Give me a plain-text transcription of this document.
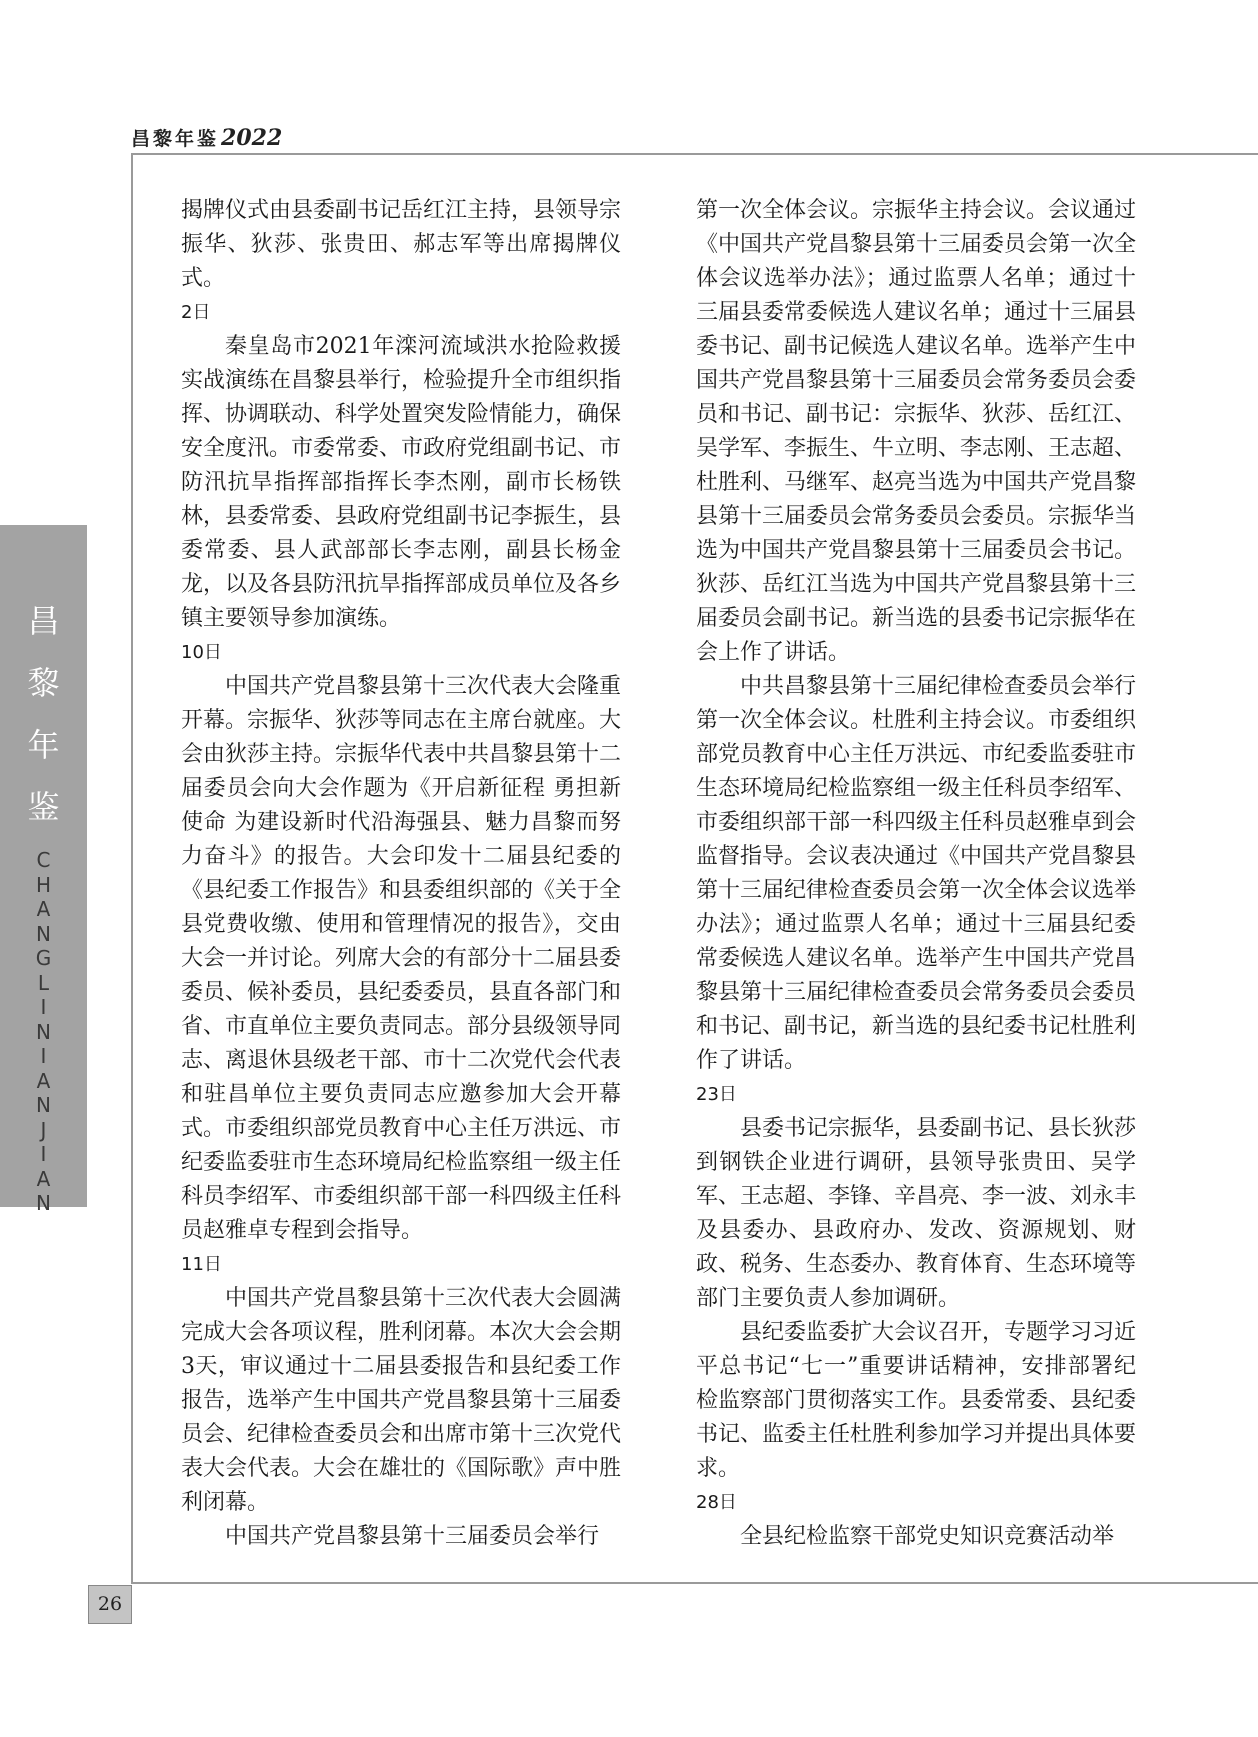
昌黎年鉴2022
昌
黎
年
鉴
C
H
A
N
G
L
I
N
I
A
N
J
I
A
N
26

揭牌仪式由县委副书记岳红江主持，县领导宗振华、狄莎、张贵田、郝志军等出席揭牌仪式。

2日

秦皇岛市2021年滦河流域洪水抢险救援实战演练在昌黎县举行，检验提升全市组织指挥、协调联动、科学处置突发险情能力，确保安全度汛。市委常委、市政府党组副书记、市防汛抗旱指挥部指挥长李杰刚，副市长杨铁林，县委常委、县政府党组副书记李振生，县委常委、县人武部部长李志刚，副县长杨金龙，以及各县防汛抗旱指挥部成员单位及各乡镇主要领导参加演练。

10日

中国共产党昌黎县第十三次代表大会隆重开幕。宗振华、狄莎等同志在主席台就座。大会由狄莎主持。宗振华代表中共昌黎县第十二届委员会向大会作题为《开启新征程 勇担新使命 为建设新时代沿海强县、魅力昌黎而努力奋斗》的报告。大会印发十二届县纪委的《县纪委工作报告》和县委组织部的《关于全县党费收缴、使用和管理情况的报告》，交由大会一并讨论。列席大会的有部分十二届县委委员、候补委员，县纪委委员，县直各部门和省、市直单位主要负责同志。部分县级领导同志、离退休县级老干部、市十二次党代会代表和驻昌单位主要负责同志应邀参加大会开幕式。市委组织部党员教育中心主任万洪远、市纪委监委驻市生态环境局纪检监察组一级主任科员李绍军、市委组织部干部一科四级主任科员赵雅卓专程到会指导。

11日

中国共产党昌黎县第十三次代表大会圆满完成大会各项议程，胜利闭幕。本次大会会期3天，审议通过十二届县委报告和县纪委工作报告，选举产生中国共产党昌黎县第十三届委员会、纪律检查委员会和出席市第十三次党代表大会代表。大会在雄壮的《国际歌》声中胜利闭幕。

中国共产党昌黎县第十三届委员会举行

第一次全体会议。宗振华主持会议。会议通过《中国共产党昌黎县第十三届委员会第一次全体会议选举办法》；通过监票人名单；通过十三届县委常委候选人建议名单；通过十三届县委书记、副书记候选人建议名单。选举产生中国共产党昌黎县第十三届委员会常务委员会委员和书记、副书记：宗振华、狄莎、岳红江、吴学军、李振生、牛立明、李志刚、王志超、杜胜利、马继军、赵亮当选为中国共产党昌黎县第十三届委员会常务委员会委员。宗振华当选为中国共产党昌黎县第十三届委员会书记。狄莎、岳红江当选为中国共产党昌黎县第十三届委员会副书记。新当选的县委书记宗振华在会上作了讲话。

中共昌黎县第十三届纪律检查委员会举行第一次全体会议。杜胜利主持会议。市委组织部党员教育中心主任万洪远、市纪委监委驻市生态环境局纪检监察组一级主任科员李绍军、市委组织部干部一科四级主任科员赵雅卓到会监督指导。会议表决通过《中国共产党昌黎县第十三届纪律检查委员会第一次全体会议选举办法》；通过监票人名单；通过十三届县纪委常委候选人建议名单。选举产生中国共产党昌黎县第十三届纪律检查委员会常务委员会委员和书记、副书记，新当选的县纪委书记杜胜利作了讲话。

23日

县委书记宗振华，县委副书记、县长狄莎到钢铁企业进行调研，县领导张贵田、吴学军、王志超、李锋、辛昌亮、李一波、刘永丰及县委办、县政府办、发改、资源规划、财政、税务、生态委办、教育体育、生态环境等部门主要负责人参加调研。

县纪委监委扩大会议召开，专题学习习近平总书记“七一”重要讲话精神，安排部署纪检监察部门贯彻落实工作。县委常委、县纪委书记、监委主任杜胜利参加学习并提出具体要求。

28日

全县纪检监察干部党史知识竞赛活动举
